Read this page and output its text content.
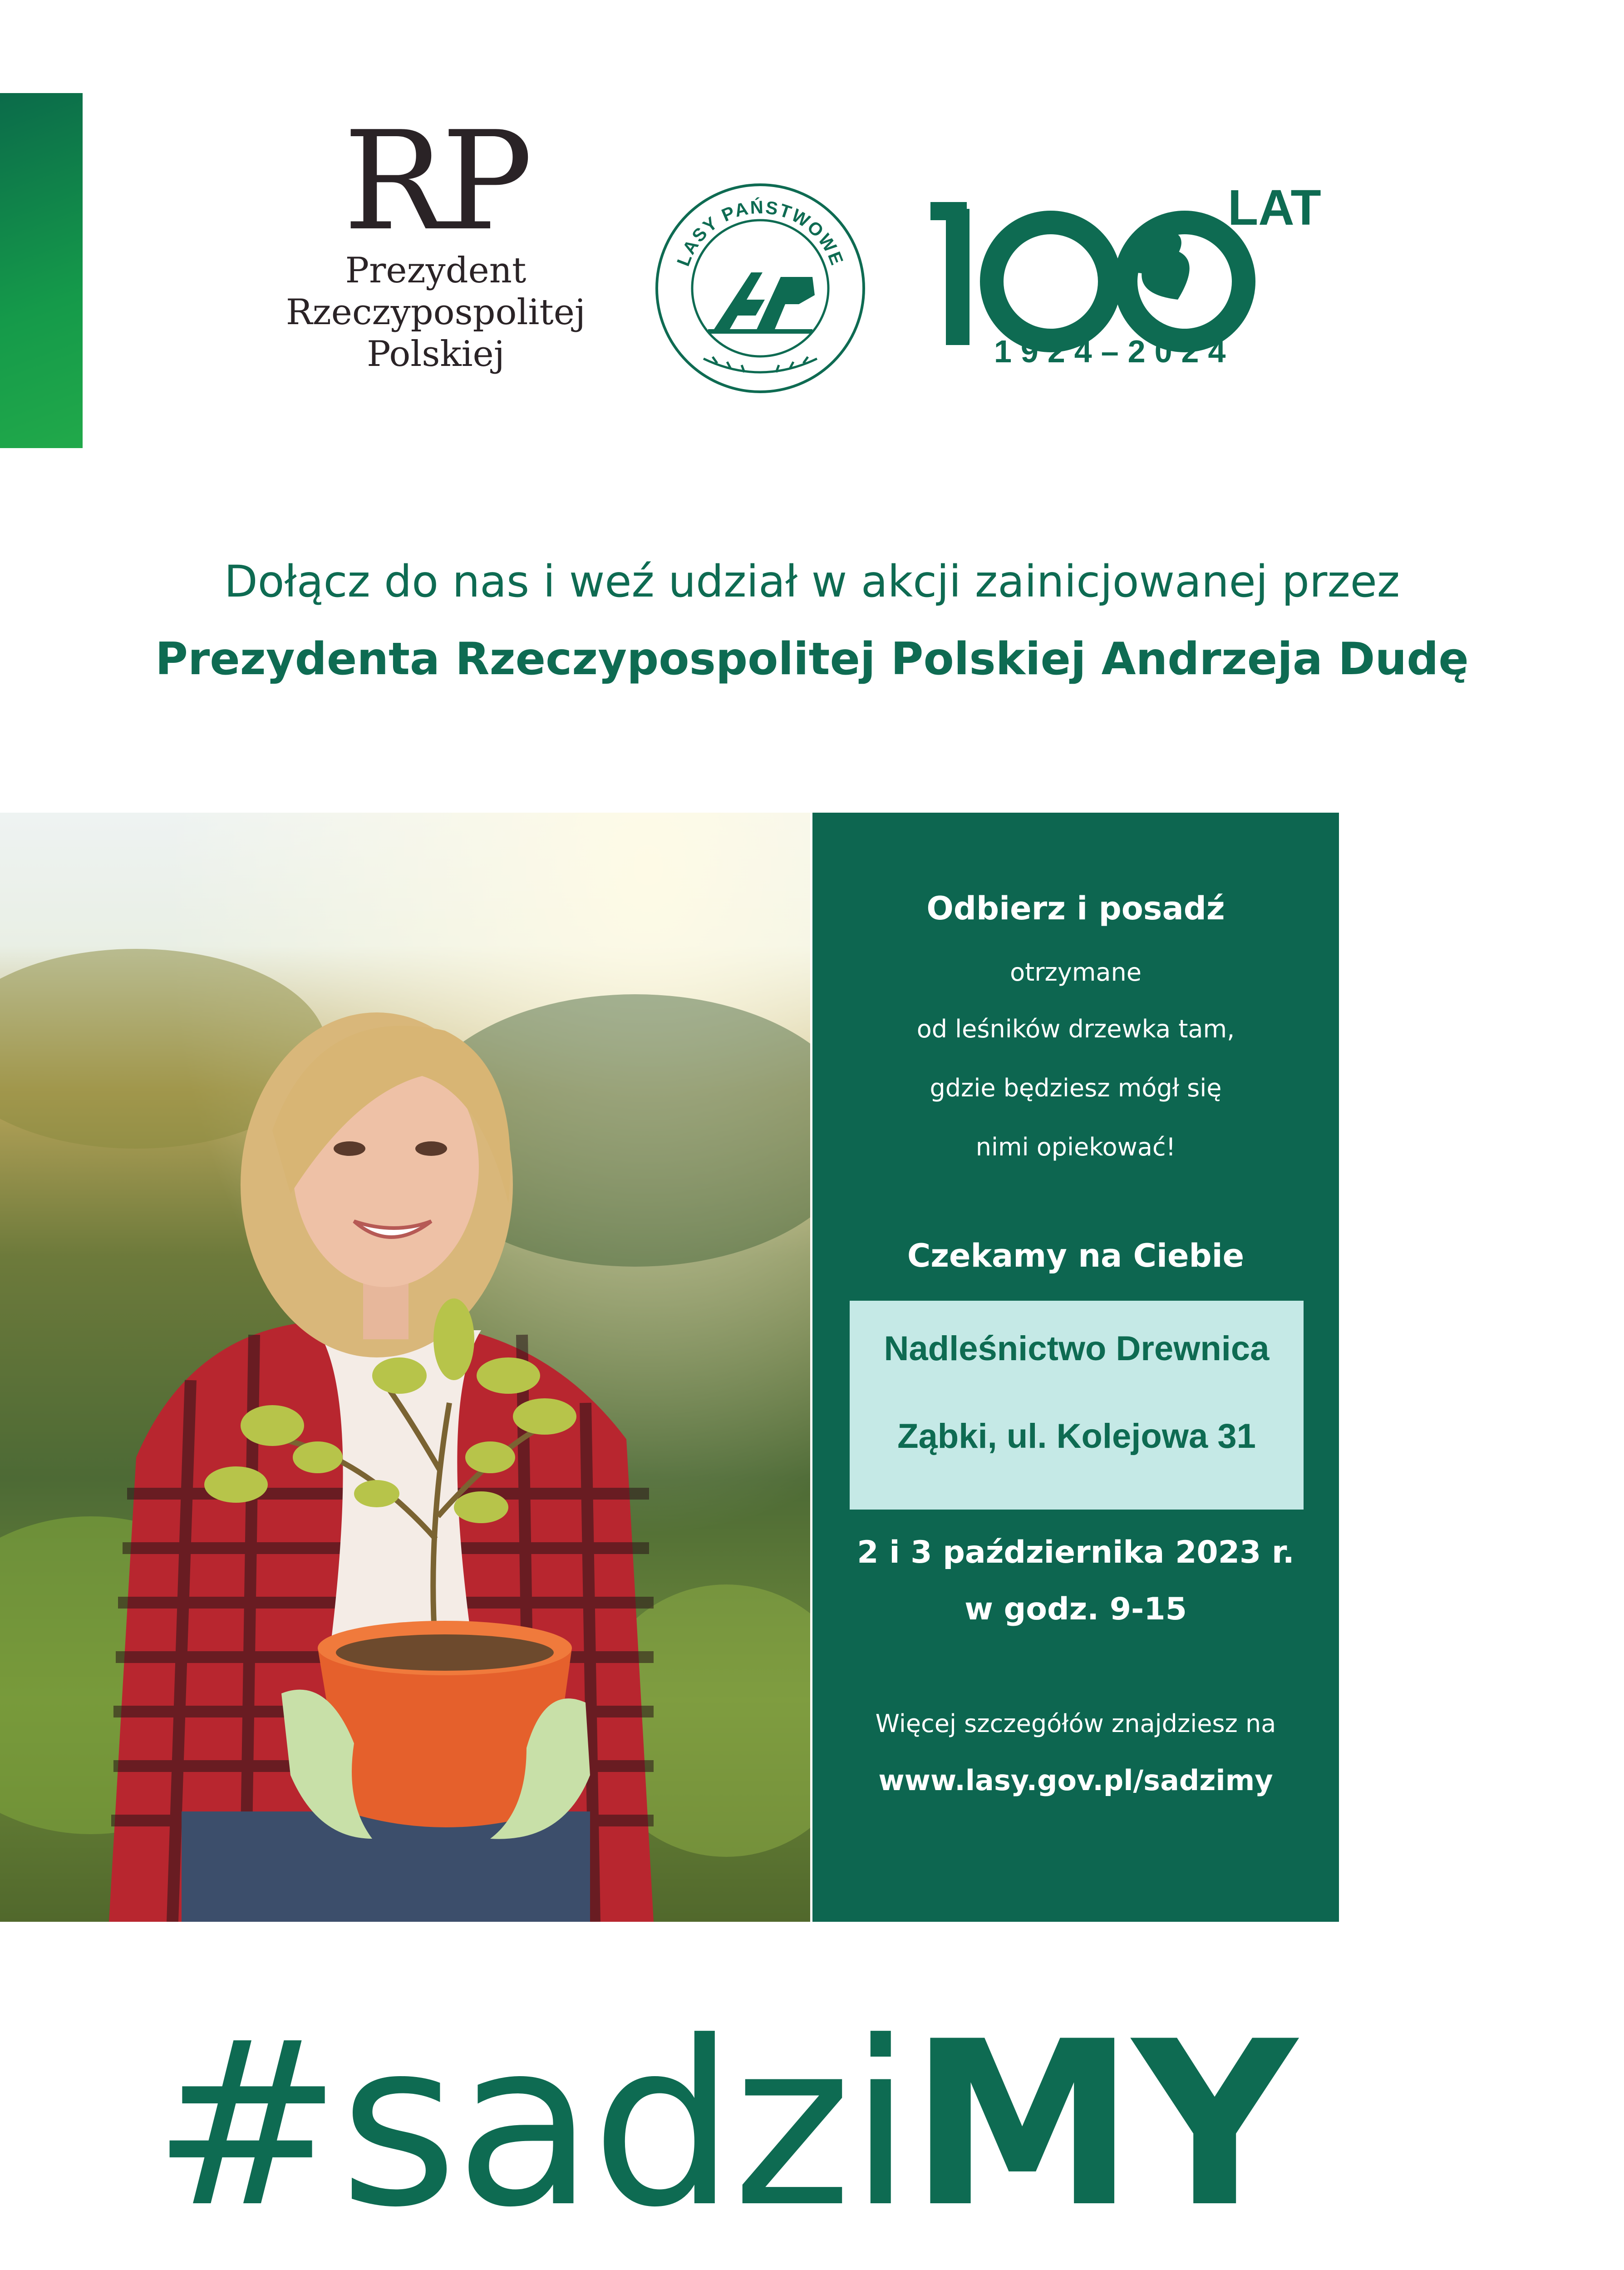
RP
Prezydent
Rzeczypospolitej
Polskiej
LASY PAŃSTWOWE
LAT
1924–2024
Dołącz do nas i weź udział w akcji zainicjowanej przez
Prezydenta Rzeczypospolitej Polskiej Andrzeja Dudę
Odbierz i posadź
otrzymane
od leśników drzewka tam,
gdzie będziesz mógł się
nimi opiekować!
Czekamy na Ciebie
Nadleśnictwo Drewnica
Ząbki, ul. Kolejowa 31
2 i 3 października 2023 r.
w godz. 9-15
Więcej szczegółów znajdziesz na
www.lasy.gov.pl/sadzimy
#sadziMY
